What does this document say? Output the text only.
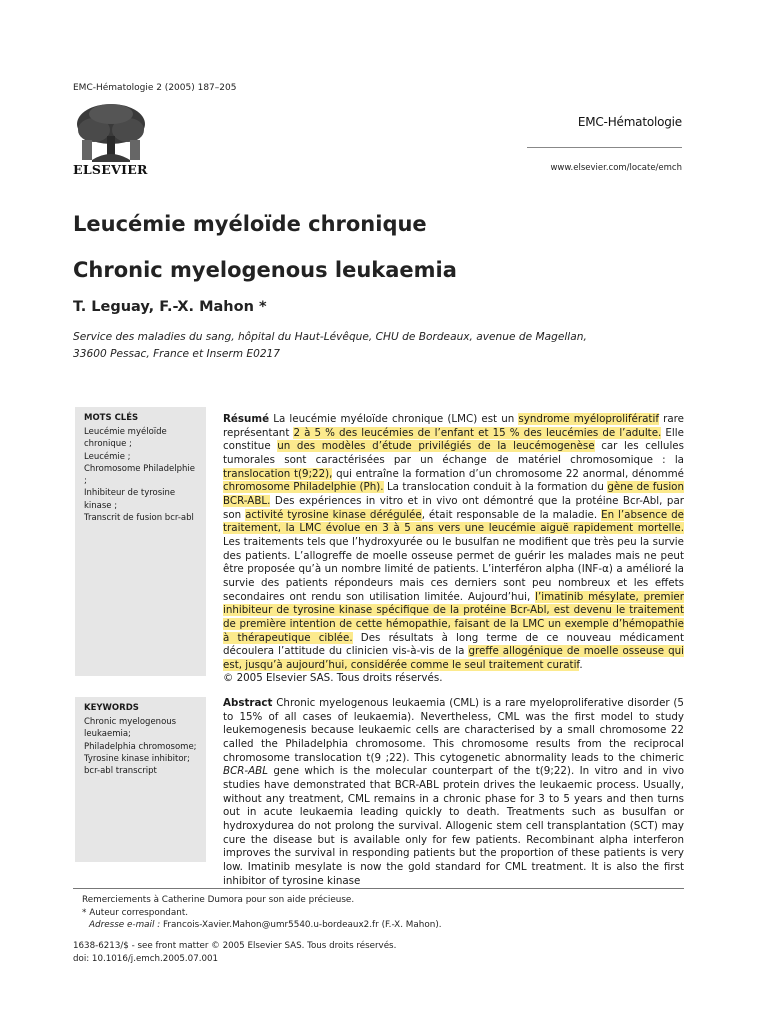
EMC-Hématologie 2 (2005) 187–205
ELSEVIER
EMC-Hématologie
www.elsevier.com/locate/emch
Leucémie myéloïde chronique
Chronic myelogenous leukaemia
T. Leguay, F.-X. Mahon *
Service des maladies du sang, hôpital du Haut-Lévêque, CHU de Bordeaux, avenue de Magellan,
33600 Pessac, France et Inserm E0217
MOTS CLÉS
Leucémie myéloïde chronique ;
Leucémie ;
Chromosome Philadelphie ;
Inhibiteur de tyrosine kinase ;
Transcrit de fusion bcr-abl
Résumé La leucémie myéloïde chronique (LMC) est un syndrome myéloprolifératif rare représentant 2 à 5 % des leucémies de l’enfant et 15 % des leucémies de l’adulte. Elle constitue un des modèles d’étude privilégiés de la leucémogenèse car les cellules tumorales sont caractérisées par un échange de matériel chromosomique : la translocation t(9;22), qui entraîne la formation d’un chromosome 22 anormal, dénommé chromosome Philadelphie (Ph). La translocation conduit à la formation du gène de fusion BCR-ABL. Des expériences in vitro et in vivo ont démontré que la protéine Bcr-Abl, par son activité tyrosine kinase dérégulée, était responsable de la maladie. En l’absence de traitement, la LMC évolue en 3 à 5 ans vers une leucémie aiguë rapidement mortelle. Les traitements tels que l’hydroxyurée ou le busulfan ne modifient que très peu la survie des patients. L’allogreffe de moelle osseuse permet de guérir les malades mais ne peut être proposée qu’à un nombre limité de patients. L’interféron alpha (INF-α) a amélioré la survie des patients répondeurs mais ces derniers sont peu nombreux et les effets secondaires ont rendu son utilisation limitée. Aujourd’hui, l’imatinib mésylate, premier inhibiteur de tyrosine kinase spécifique de la protéine Bcr-Abl, est devenu le traitement de première intention de cette hémopathie, faisant de la LMC un exemple d’hémopathie à thérapeutique ciblée. Des résultats à long terme de ce nouveau médicament découlera l’attitude du clinicien vis-à-vis de la greffe allogénique de moelle osseuse qui est, jusqu’à aujourd’hui, considérée comme le seul traitement curatif.
© 2005 Elsevier SAS. Tous droits réservés.
KEYWORDS
Chronic myelogenous leukaemia;
Philadelphia chromosome;
Tyrosine kinase inhibitor;
bcr-abl transcript
Abstract Chronic myelogenous leukaemia (CML) is a rare myeloproliferative disorder (5 to 15% of all cases of leukaemia). Nevertheless, CML was the first model to study leukemogenesis because leukaemic cells are characterised by a small chromosome 22 called the Philadelphia chromosome. This chromosome results from the reciprocal chromosome translocation t(9 ;22). This cytogenetic abnormality leads to the chimeric BCR-ABL gene which is the molecular counterpart of the t(9;22). In vitro and in vivo studies have demonstrated that BCR-ABL protein drives the leukaemic process. Usually, without any treatment, CML remains in a chronic phase for 3 to 5 years and then turns out in acute leukaemia leading quickly to death. Treatments such as busulfan or hydroxydurea do not prolong the survival. Allogenic stem cell transplantation (SCT) may cure the disease but is available only for few patients. Recombinant alpha interferon improves the survival in responding patients but the proportion of these patients is very low. Imatinib mesylate is now the gold standard for CML treatment. It is also the first inhibitor of tyrosine kinase
Remerciements à Catherine Dumora pour son aide précieuse.
* Auteur correspondant.
Adresse e-mail : Francois-Xavier.Mahon@umr5540.u-bordeaux2.fr (F.-X. Mahon).
1638-6213/$ - see front matter © 2005 Elsevier SAS. Tous droits réservés.
doi: 10.1016/j.emch.2005.07.001
